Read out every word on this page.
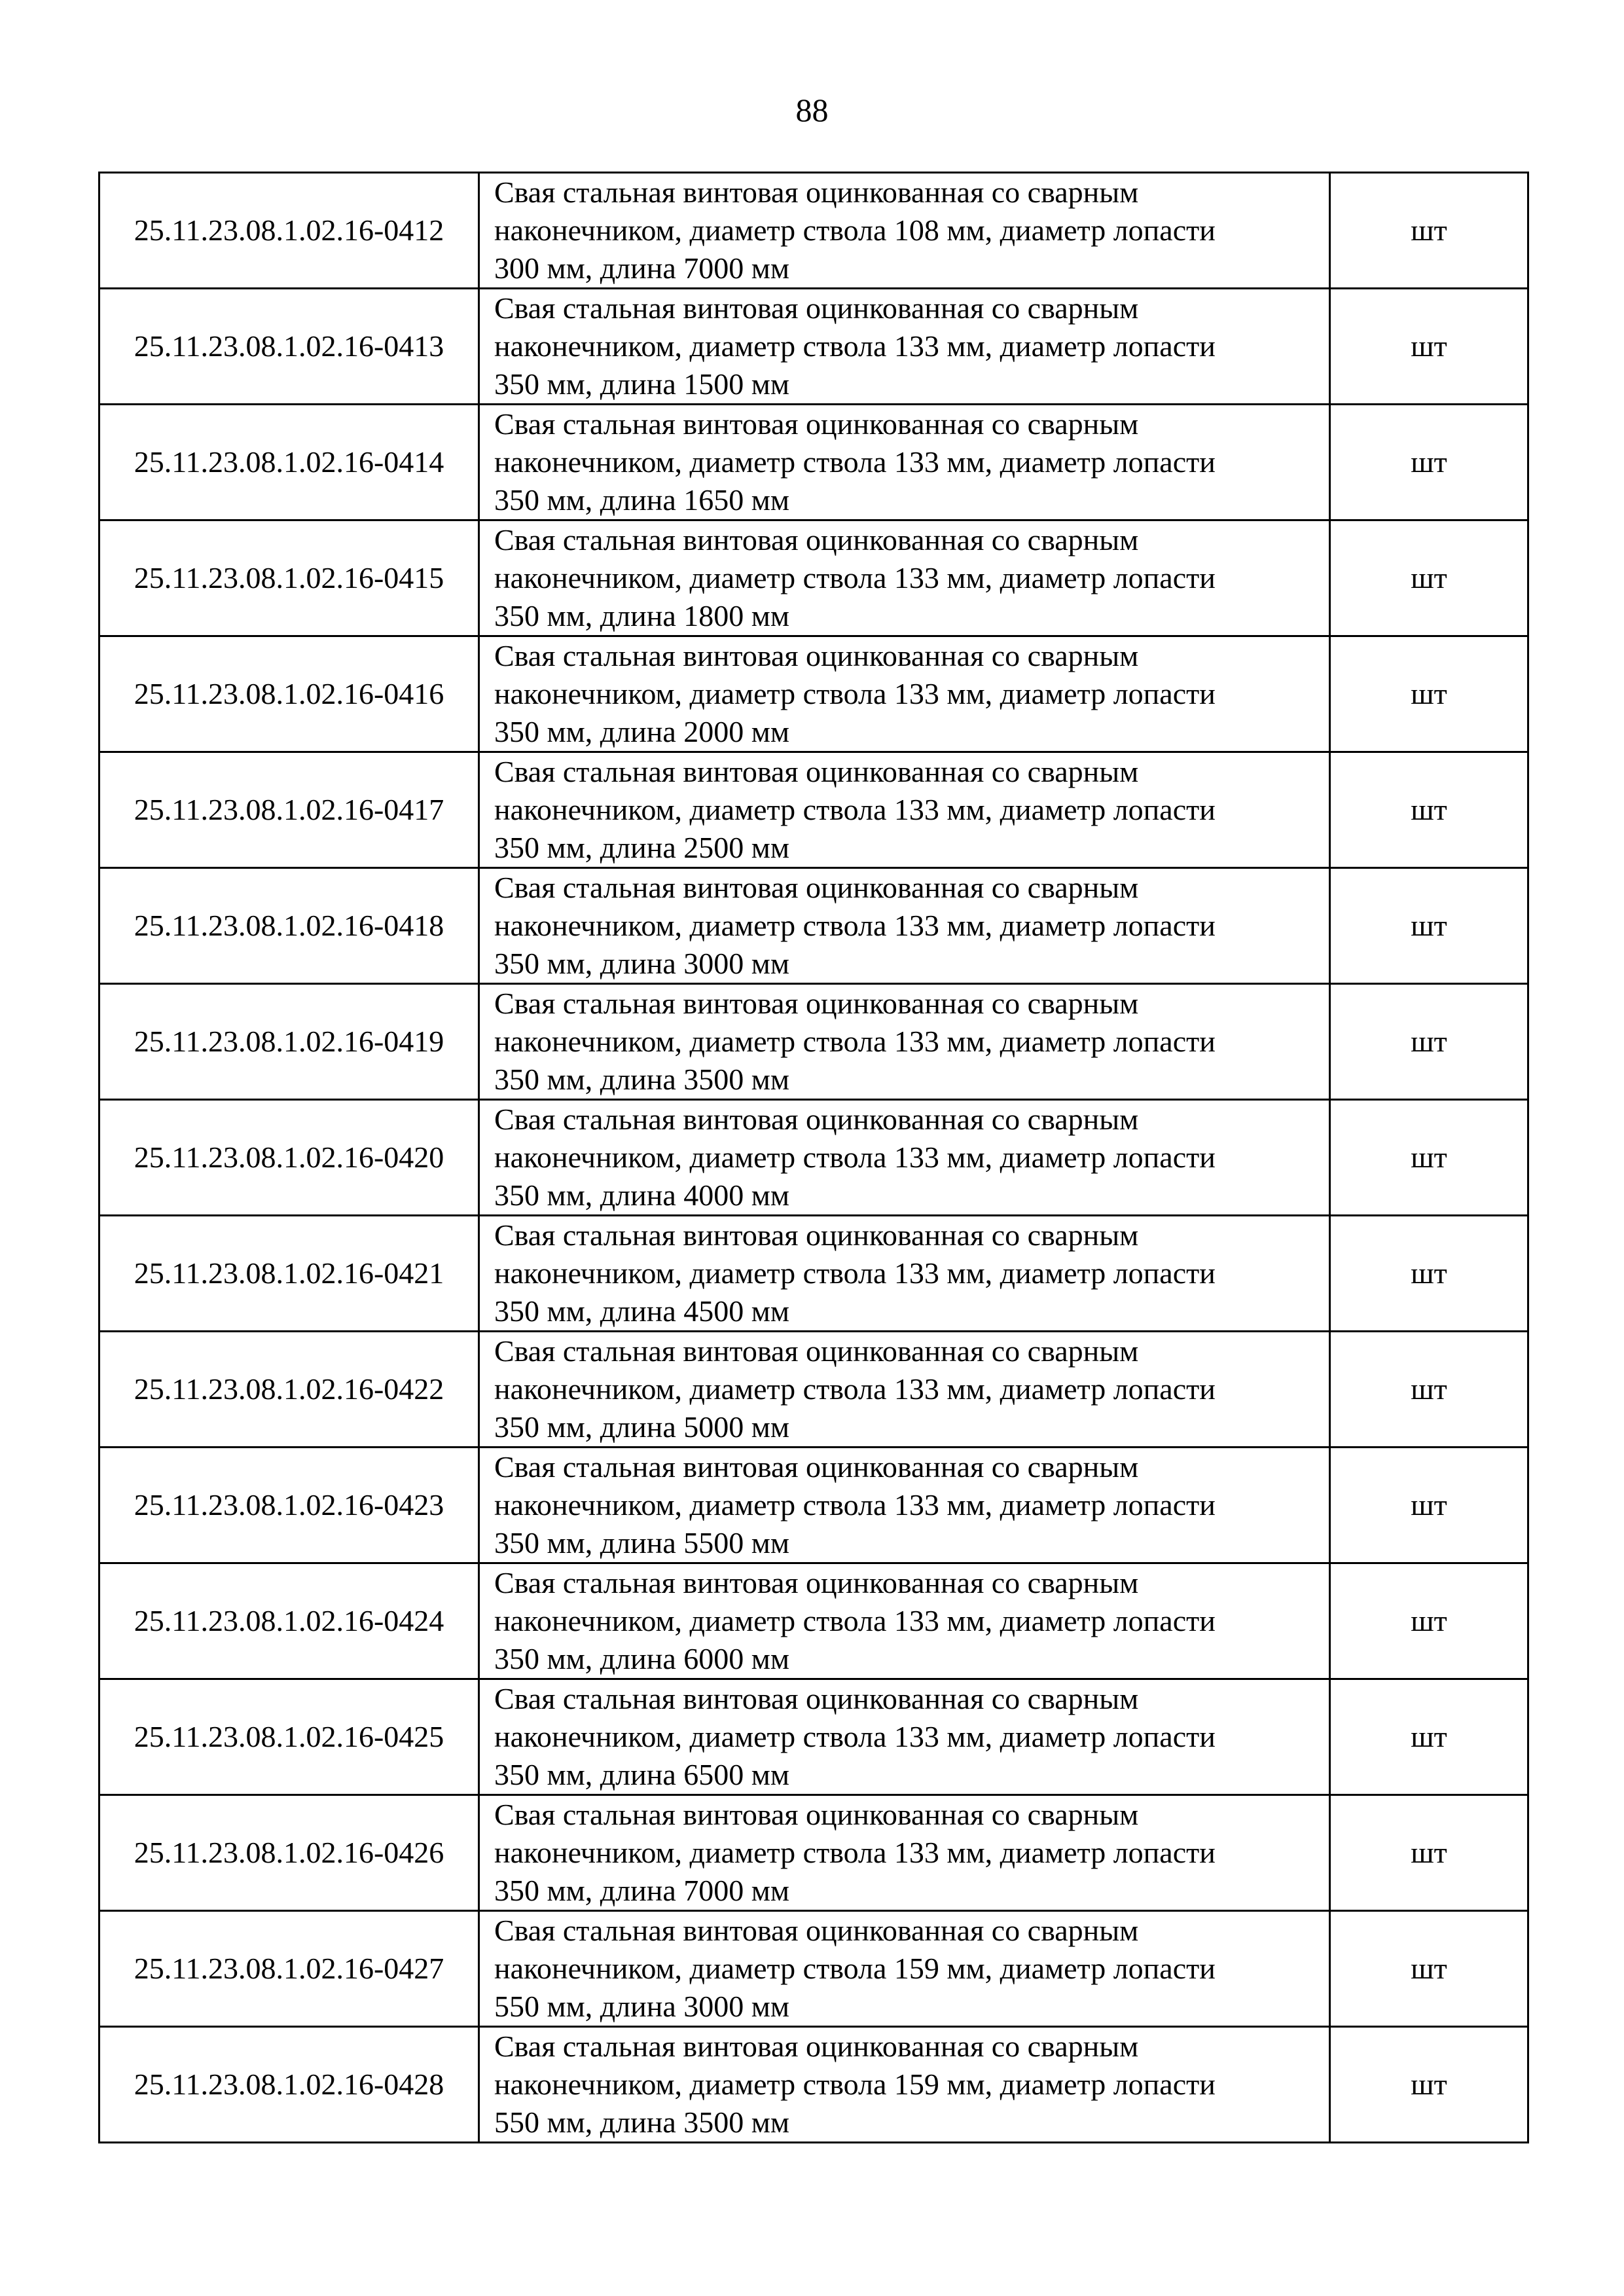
88
25.11.23.08.1.02.16-0412	Свая стальная винтовая оцинкованная со сварным
наконечником, диаметр ствола 108 мм, диаметр лопасти
300 мм, длина 7000 мм	шт
25.11.23.08.1.02.16-0413	Свая стальная винтовая оцинкованная со сварным
наконечником, диаметр ствола 133 мм, диаметр лопасти
350 мм, длина 1500 мм	шт
25.11.23.08.1.02.16-0414	Свая стальная винтовая оцинкованная со сварным
наконечником, диаметр ствола 133 мм, диаметр лопасти
350 мм, длина 1650 мм	шт
25.11.23.08.1.02.16-0415	Свая стальная винтовая оцинкованная со сварным
наконечником, диаметр ствола 133 мм, диаметр лопасти
350 мм, длина 1800 мм	шт
25.11.23.08.1.02.16-0416	Свая стальная винтовая оцинкованная со сварным
наконечником, диаметр ствола 133 мм, диаметр лопасти
350 мм, длина 2000 мм	шт
25.11.23.08.1.02.16-0417	Свая стальная винтовая оцинкованная со сварным
наконечником, диаметр ствола 133 мм, диаметр лопасти
350 мм, длина 2500 мм	шт
25.11.23.08.1.02.16-0418	Свая стальная винтовая оцинкованная со сварным
наконечником, диаметр ствола 133 мм, диаметр лопасти
350 мм, длина 3000 мм	шт
25.11.23.08.1.02.16-0419	Свая стальная винтовая оцинкованная со сварным
наконечником, диаметр ствола 133 мм, диаметр лопасти
350 мм, длина 3500 мм	шт
25.11.23.08.1.02.16-0420	Свая стальная винтовая оцинкованная со сварным
наконечником, диаметр ствола 133 мм, диаметр лопасти
350 мм, длина 4000 мм	шт
25.11.23.08.1.02.16-0421	Свая стальная винтовая оцинкованная со сварным
наконечником, диаметр ствола 133 мм, диаметр лопасти
350 мм, длина 4500 мм	шт
25.11.23.08.1.02.16-0422	Свая стальная винтовая оцинкованная со сварным
наконечником, диаметр ствола 133 мм, диаметр лопасти
350 мм, длина 5000 мм	шт
25.11.23.08.1.02.16-0423	Свая стальная винтовая оцинкованная со сварным
наконечником, диаметр ствола 133 мм, диаметр лопасти
350 мм, длина 5500 мм	шт
25.11.23.08.1.02.16-0424	Свая стальная винтовая оцинкованная со сварным
наконечником, диаметр ствола 133 мм, диаметр лопасти
350 мм, длина 6000 мм	шт
25.11.23.08.1.02.16-0425	Свая стальная винтовая оцинкованная со сварным
наконечником, диаметр ствола 133 мм, диаметр лопасти
350 мм, длина 6500 мм	шт
25.11.23.08.1.02.16-0426	Свая стальная винтовая оцинкованная со сварным
наконечником, диаметр ствола 133 мм, диаметр лопасти
350 мм, длина 7000 мм	шт
25.11.23.08.1.02.16-0427	Свая стальная винтовая оцинкованная со сварным
наконечником, диаметр ствола 159 мм, диаметр лопасти
550 мм, длина 3000 мм	шт
25.11.23.08.1.02.16-0428	Свая стальная винтовая оцинкованная со сварным
наконечником, диаметр ствола 159 мм, диаметр лопасти
550 мм, длина 3500 мм	шт
